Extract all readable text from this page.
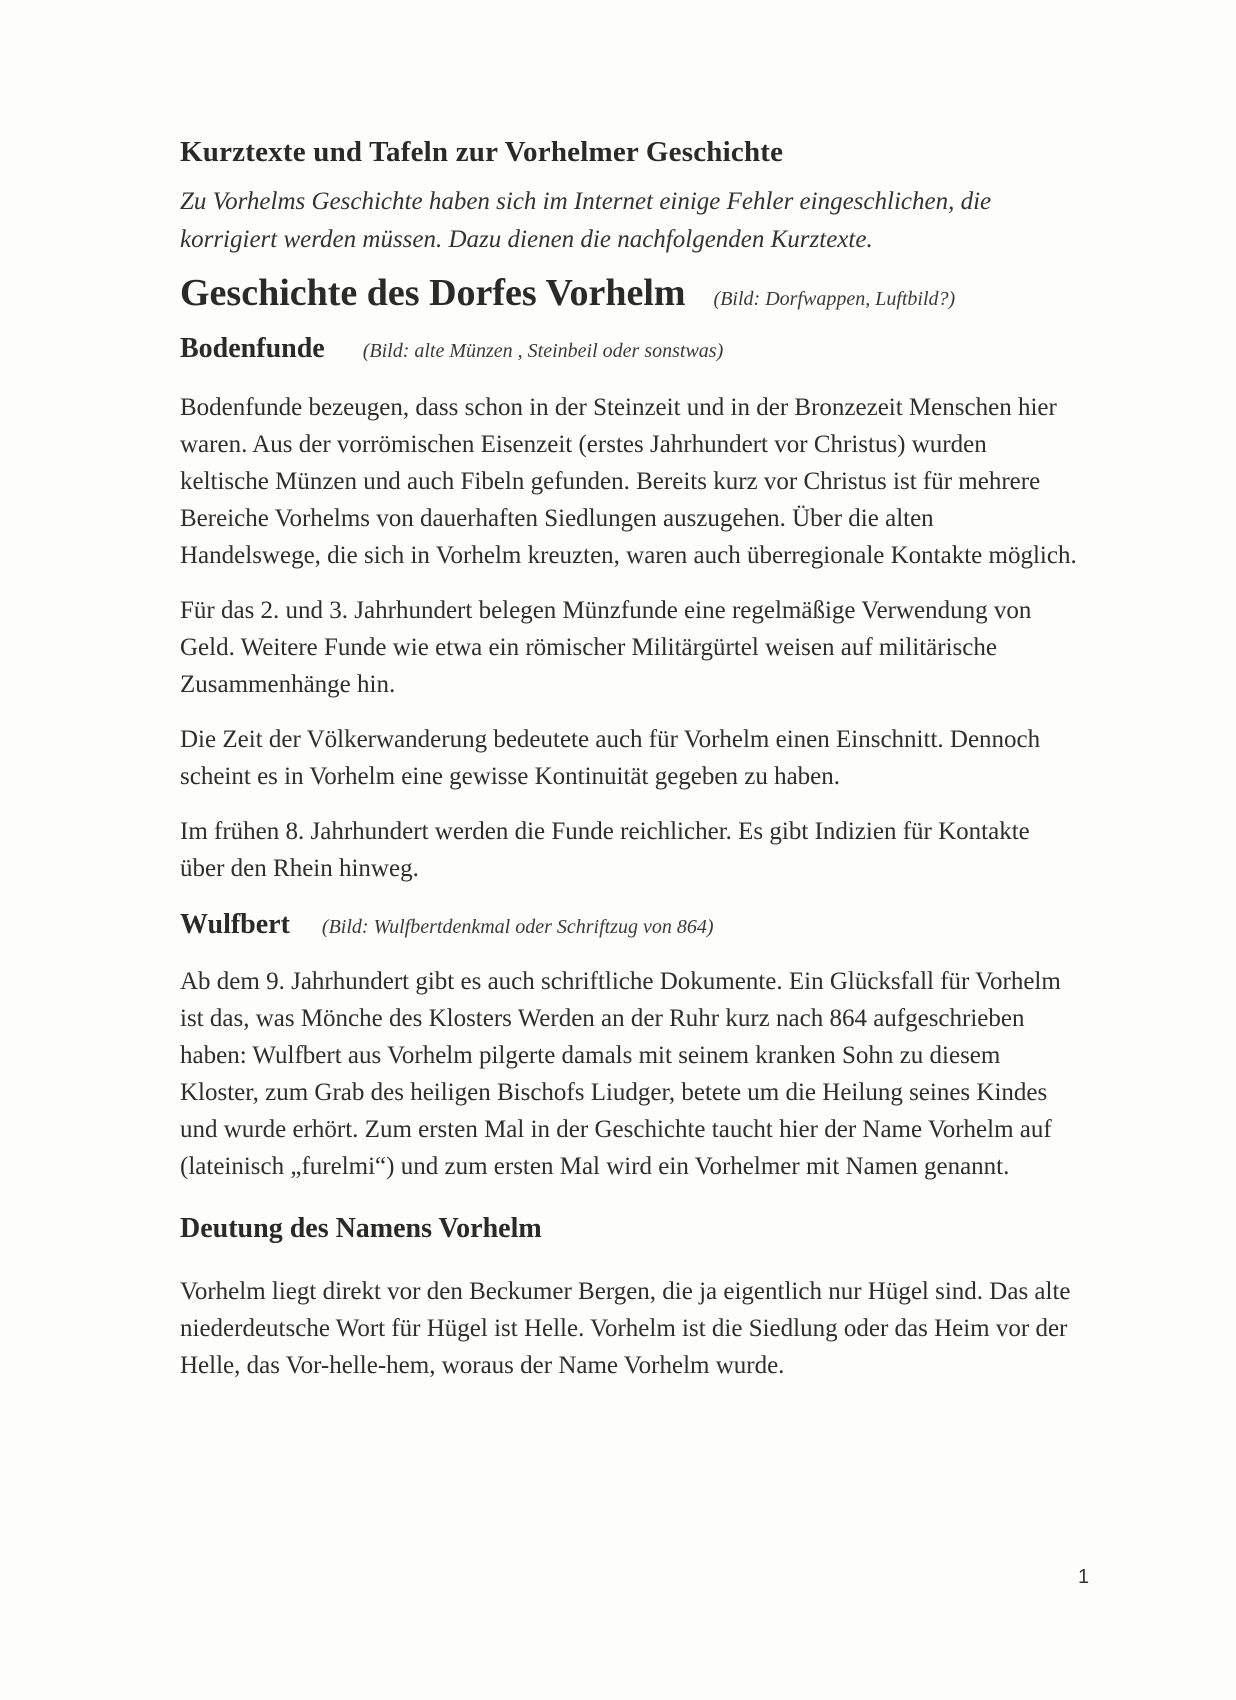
Kurztexte und Tafeln zur Vorhelmer Geschichte

Zu Vorhelms Geschichte haben sich im Internet einige Fehler eingeschlichen, die korrigiert werden müssen. Dazu dienen die nachfolgenden Kurztexte.

Geschichte des Dorfes Vorhelm (Bild: Dorfwappen, Luftbild?)
Bodenfunde (Bild: alte Münzen , Steinbeil oder sonstwas)

Bodenfunde bezeugen, dass schon in der Steinzeit und in der Bronzezeit Menschen hier waren. Aus der vorrömischen Eisenzeit (erstes Jahrhundert vor Christus) wurden keltische Münzen und auch Fibeln gefunden. Bereits kurz vor Christus ist für mehrere Bereiche Vorhelms von dauerhaften Siedlungen auszugehen. Über die alten Handelswege, die sich in Vorhelm kreuzten, waren auch überregionale Kontakte möglich.

Für das 2. und 3. Jahrhundert belegen Münzfunde eine regelmäßige Verwendung von Geld. Weitere Funde wie etwa ein römischer Militärgürtel weisen auf militärische Zusammenhänge hin.

Die Zeit der Völkerwanderung bedeutete auch für Vorhelm einen Einschnitt. Dennoch scheint es in Vorhelm eine gewisse Kontinuität gegeben zu haben.

Im frühen 8. Jahrhundert werden die Funde reichlicher. Es gibt Indizien für Kontakte über den Rhein hinweg.

Wulfbert (Bild: Wulfbertdenkmal oder Schriftzug von 864)

Ab dem 9. Jahrhundert gibt es auch schriftliche Dokumente. Ein Glücksfall für Vorhelm ist das, was Mönche des Klosters Werden an der Ruhr kurz nach 864 aufgeschrieben haben: Wulfbert aus Vorhelm pilgerte damals mit seinem kranken Sohn zu diesem Kloster, zum Grab des heiligen Bischofs Liudger, betete um die Heilung seines Kindes und wurde erhört. Zum ersten Mal in der Geschichte taucht hier der Name Vorhelm auf (lateinisch „furelmi“) und zum ersten Mal wird ein Vorhelmer mit Namen genannt.

Deutung des Namens Vorhelm

Vorhelm liegt direkt vor den Beckumer Bergen, die ja eigentlich nur Hügel sind. Das alte niederdeutsche Wort für Hügel ist Helle. Vorhelm ist die Siedlung oder das Heim vor der Helle, das Vor-helle-hem, woraus der Name Vorhelm wurde.

1
